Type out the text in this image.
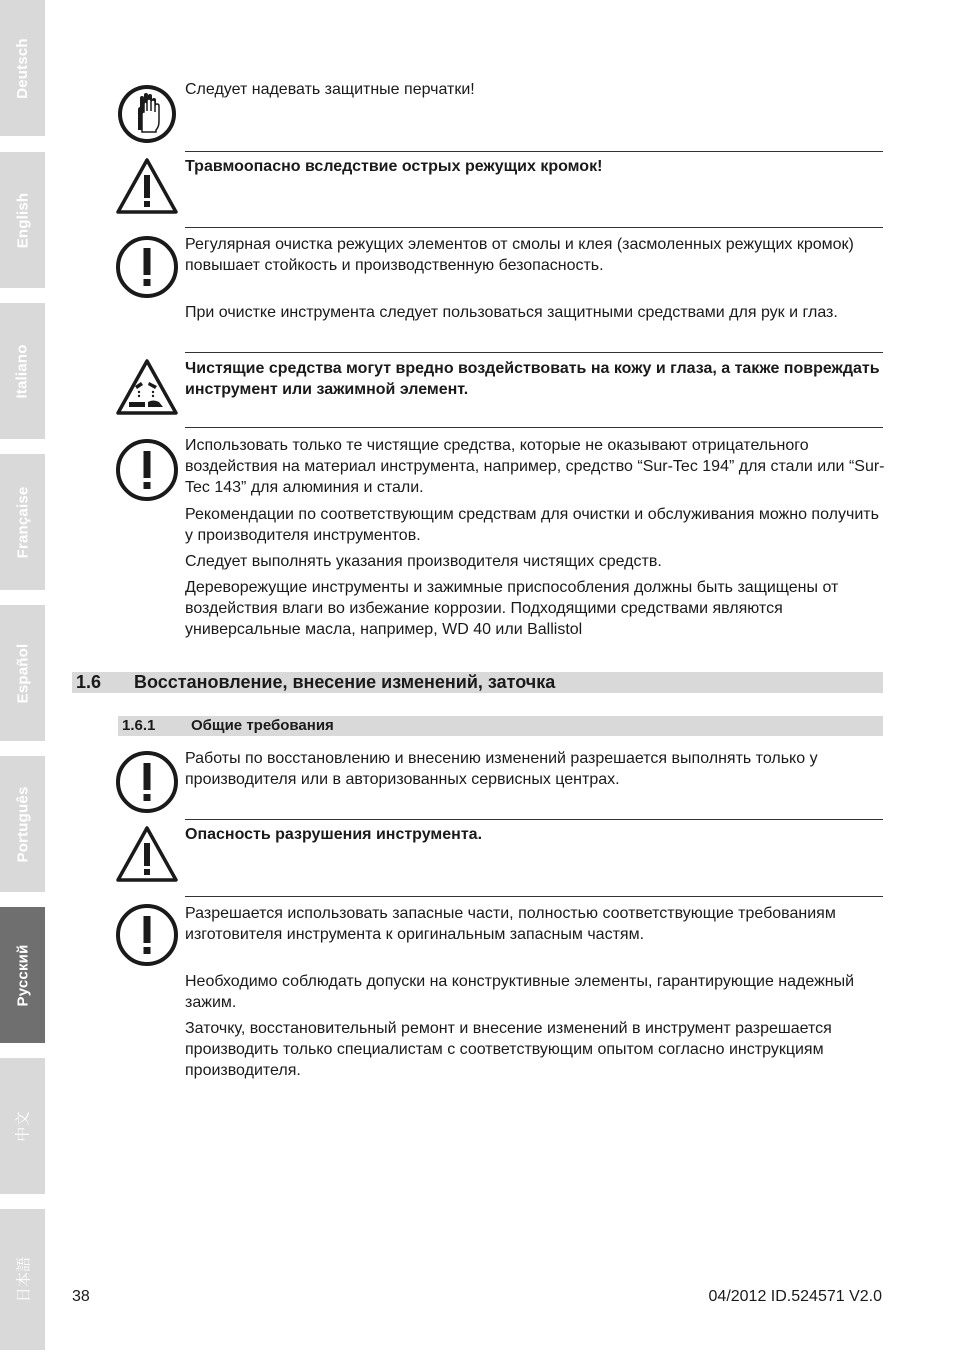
Deutsch
English
Italiano
Française
Español
Português
Русский
中文
日本語
Следует надевать защитные перчатки!
Травмоопасно вследствие острых режущих кромок!
Регулярная очистка режущих элементов от смолы и клея (засмоленных режущих кромок) повышает стойкость и производственную безопасность.
При очистке инструмента следует пользоваться защитными средствами для рук и глаз.
Чистящие средства могут вредно воздействовать на кожу и глаза, а также повреждать инструмент или зажимной элемент.
Использовать только те чистящие средства, которые не оказывают отрицательного воздействия на материал инструмента, например, средство “Sur-Tec 194” для стали или “Sur-Tec 143” для алюминия и стали.
Рекомендации по соответствующим средствам для очистки и обслуживания можно получить у производителя инструментов.
Следует выполнять указания производителя чистящих средств.
Дереворежущие инструменты и зажимные приспособления должны быть защищены от воздействия влаги во избежание коррозии. Подходящими средствами являются универсальные масла, например, WD 40 или Ballistol
1.6 Восстановление, внесение изменений, заточка
1.6.1 Общие требования
Работы по восстановлению и внесению изменений разрешается выполнять только у производителя или в авторизованных сервисных центрах.
Опасность разрушения инструмента.
Разрешается использовать запасные части, полностью соответствующие требованиям изготовителя инструмента к оригинальным запасным частям.
Необходимо соблюдать допуски на конструктивные элементы, гарантирующие надежный зажим.
Заточку, восстановительный ремонт и внесение изменений в инструмент разрешается производить только специалистам с соответствующим опытом согласно инструкциям производителя.
38	04/2012 ID.524571 V2.0
